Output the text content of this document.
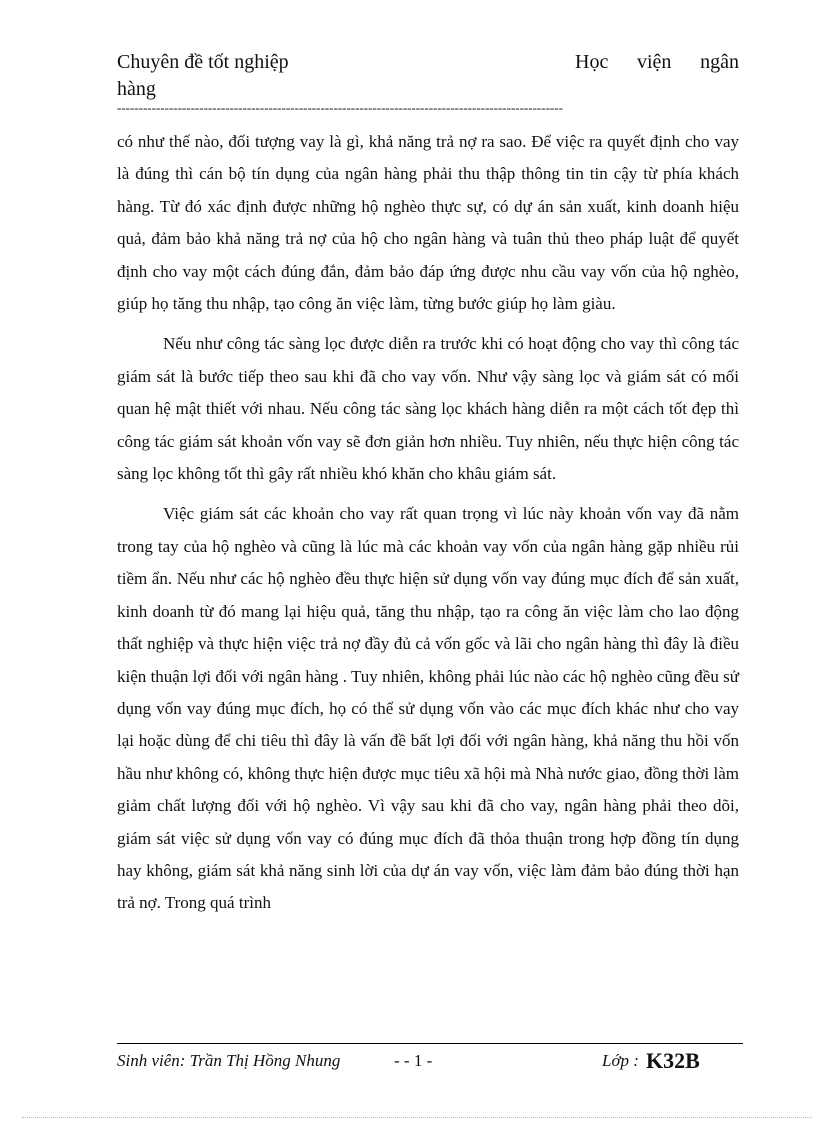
Chuyên đề tốt nghiệp
hàng
Học viện ngân
-------------------------------------------------------------------------------------------------------

có như thế nào, đối tượng vay là gì, khả năng trả nợ ra sao. Để việc ra quyết định cho vay là đúng thì cán bộ tín dụng của ngân hàng phải thu thập thông tin tin cậy từ phía khách hàng. Từ đó xác định được những hộ nghèo thực sự, có dự án sản xuất, kinh doanh hiệu quả, đảm bảo khả năng trả nợ của hộ cho ngân hàng và tuân thủ theo pháp luật để quyết định cho vay một cách đúng đắn, đảm bảo đáp ứng được nhu cầu vay vốn của hộ nghèo, giúp họ tăng thu nhập, tạo công ăn việc làm, từng bước giúp họ làm giàu.

Nếu như công tác sàng lọc được diễn ra trước khi có hoạt động cho vay thì công tác giám sát là bước tiếp theo sau khi đã cho vay vốn. Như vậy sàng lọc và giám sát có mối quan hệ mật thiết với nhau. Nếu công tác sàng lọc khách hàng diễn ra một cách tốt đẹp thì công tác giám sát khoản vốn vay sẽ đơn giản hơn nhiều. Tuy nhiên, nếu thực hiện công tác sàng lọc không tốt thì gây rất nhiều khó khăn cho khâu giám sát.

Việc giám sát các khoản cho vay rất quan trọng vì lúc này khoản vốn vay đã nằm trong tay của hộ nghèo và cũng là lúc mà các khoản vay vốn của ngân hàng gặp nhiều rủi tiềm ẩn. Nếu như các hộ nghèo đều thực hiện sử dụng vốn vay đúng mục đích để sản xuất, kinh doanh từ đó mang lại hiệu quả, tăng thu nhập, tạo ra công ăn việc làm cho lao động thất nghiệp và thực hiện việc trả nợ đầy đủ cả vốn gốc và lãi cho ngân hàng thì đây là điều kiện thuận lợi đối với ngân hàng . Tuy nhiên, không phải lúc nào các hộ nghèo cũng đều sử dụng vốn vay đúng mục đích, họ có thể sử dụng vốn vào các mục đích khác như cho vay lại hoặc dùng để chi tiêu thì đây là vấn đề bất lợi đối với ngân hàng, khả năng thu hồi vốn hầu như không có, không thực hiện được mục tiêu xã hội mà Nhà nước giao, đồng thời làm giảm chất lượng đối với hộ nghèo. Vì vậy sau khi đã cho vay, ngân hàng phải theo dõi, giám sát việc sử dụng vốn vay có đúng mục đích đã thỏa thuận trong hợp đồng tín dụng hay không, giám sát khả năng sinh lời của dự án vay vốn, việc làm đảm bảo đúng thời hạn trả nợ. Trong quá trình

Sinh viên: Trần Thị Hồng Nhung	- - 1 -	Lớp : K32B
